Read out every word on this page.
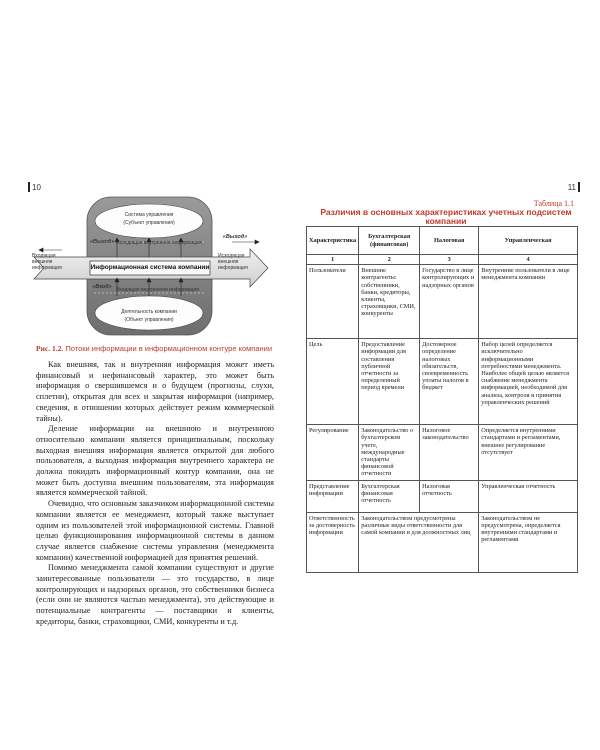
10
Система управления
(Субъект управления)
«Выход» Исходящая внутренняя информация
«Выход»
Входящая
внешняя
информация
Исходящая
внешняя
информация
Информационная система компании
«Вход» Входящая внутренняя информация
Деятельность компании
(Объект управления)
Рис. 1.2. Потоки информации в информационном контуре компании

Как внешняя, так и внутренняя информация может иметь финансовый и нефинансовый характер, это может быть информация о свершившемся и о будущем (прогнозы, слухи, сплетни), открытая для всех и закрытая информация (например, сведения, в отношении которых действует режим коммерческой тайны).

Деление информации на внешнюю и внутреннюю относительно компании является принципиальным, поскольку выходная внешняя информация является открытой для любого пользователя, а выходная информация внутреннего характера не должна покидать информационный контур компании, она не может быть доступна внешним пользователям, эта информация является коммерческой тайной.

Очевидно, что основным заказчиком информационной системы компании является ее менеджмент, который также выступает одним из пользователей этой информационной системы. Главной целью функционирования информационной системы в данном случае является снабжение системы управления (менеджмента компании) качественной информацией для принятия решений.

Помимо менеджмента самой компании существуют и другие заинтересованные пользователи — это государство, в лице контролирующих и надзорных органов, это собственники бизнеса (если они не являются частью менеджмента), это действующие и потенциальные контрагенты — поставщики и клиенты, кредиторы, банки, страховщики, СМИ, конкуренты и т.д.

11
Таблица 1.1
Различия в основных характеристиках учетных подсистем компании
Характеристика	Бухгалтерская (финансовая)	Налоговая	Управленческая
1	2	3	4
Пользователи	Внешние контрагенты: собственники, банки, кредиторы, клиенты, страховщики, СМИ, конкуренты	Государство в лице контролирующих и надзорных органов	Внутренние пользователи в лице менеджмента компании
Цель	Предоставление информации для составления публичной отчетности за определенный период времени	Достоверное определение налоговых обязательств, своевременность уплаты налогов в бюджет	Набор целей определяется исключительно информационными потребностями менеджмента. Наиболее общей целью является снабжение менеджмента информацией, необходимой для анализа, контроля и принятия управленческих решений
Регулирование	Законодательство о бухгалтерском учете, международные стандарты финансовой отчетности	Налоговое законодательство	Определяется внутренними стандартами и регламентами, внешнее регулирование отсутствует
Представление информации	Бухгалтерская финансовая отчетность	Налоговая отчетность	Управленческая отчетность
Ответственность за достоверность информации	Законодательством предусмотрены различные виды ответственности для самой компании и для должностных лиц		Законодательством не предусмотрена, определяется внутренними стандартами и регламентами
